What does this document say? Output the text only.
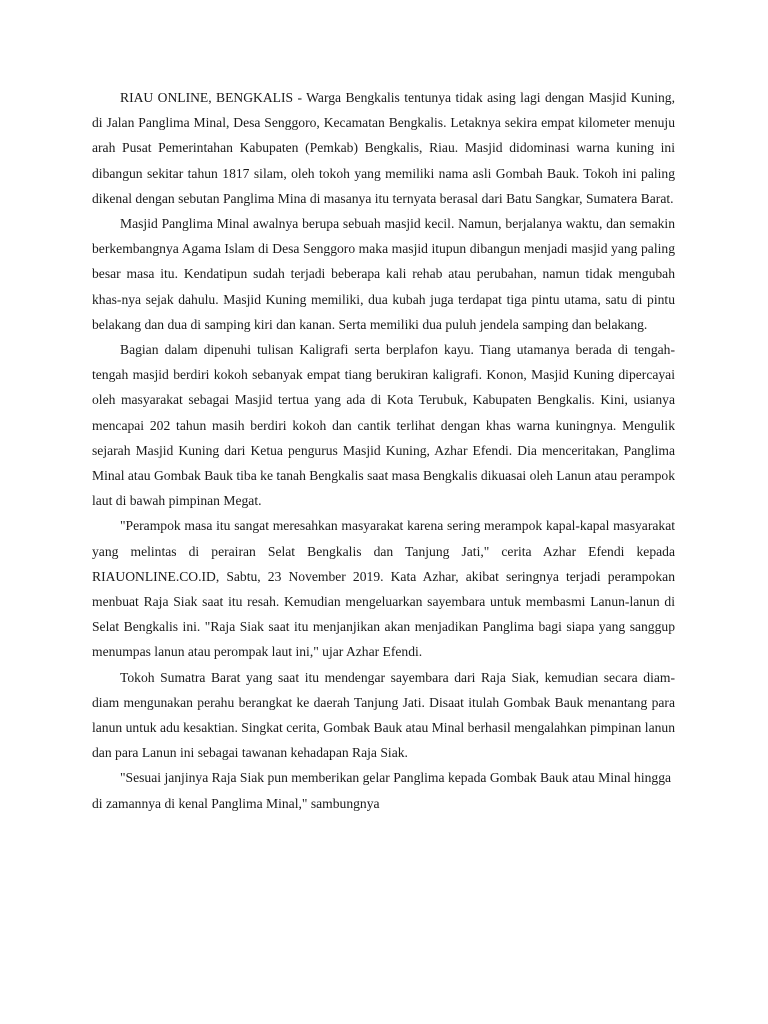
RIAU ONLINE, BENGKALIS - Warga Bengkalis tentunya tidak asing lagi dengan Masjid Kuning, di Jalan Panglima Minal, Desa Senggoro, Kecamatan Bengkalis. Letaknya sekira empat kilometer menuju arah Pusat Pemerintahan Kabupaten (Pemkab) Bengkalis, Riau. Masjid didominasi warna kuning ini dibangun sekitar tahun 1817 silam, oleh tokoh yang memiliki nama asli Gombah Bauk. Tokoh ini paling dikenal dengan sebutan Panglima Mina di masanya itu ternyata berasal dari Batu Sangkar, Sumatera Barat.

Masjid Panglima Minal awalnya berupa sebuah masjid kecil. Namun, berjalanya waktu, dan semakin berkembangnya Agama Islam di Desa Senggoro maka masjid itupun dibangun menjadi masjid yang paling besar masa itu. Kendatipun sudah terjadi beberapa kali rehab atau perubahan, namun tidak mengubah khas-nya sejak dahulu. Masjid Kuning memiliki, dua kubah juga terdapat tiga pintu utama, satu di pintu belakang dan dua di samping kiri dan kanan. Serta memiliki dua puluh jendela samping dan belakang.

Bagian dalam dipenuhi tulisan Kaligrafi serta berplafon kayu. Tiang utamanya berada di tengah-tengah masjid berdiri kokoh sebanyak empat tiang berukiran kaligrafi. Konon, Masjid Kuning dipercayai oleh masyarakat sebagai Masjid tertua yang ada di Kota Terubuk, Kabupaten Bengkalis. Kini, usianya mencapai 202 tahun masih berdiri kokoh dan cantik terlihat dengan khas warna kuningnya. Mengulik sejarah Masjid Kuning dari Ketua pengurus Masjid Kuning, Azhar Efendi. Dia menceritakan, Panglima Minal atau Gombak Bauk tiba ke tanah Bengkalis saat masa Bengkalis dikuasai oleh Lanun atau perampok laut di bawah pimpinan Megat.

"Perampok masa itu sangat meresahkan masyarakat karena sering merampok kapal-kapal masyarakat yang melintas di perairan Selat Bengkalis dan Tanjung Jati," cerita Azhar Efendi kepada RIAUONLINE.CO.ID, Sabtu, 23 November 2019. Kata Azhar, akibat seringnya terjadi perampokan menbuat Raja Siak saat itu resah. Kemudian mengeluarkan sayembara untuk membasmi Lanun-lanun di Selat Bengkalis ini. "Raja Siak saat itu menjanjikan akan menjadikan Panglima bagi siapa yang sanggup menumpas lanun atau perompak laut ini," ujar Azhar Efendi.

Tokoh Sumatra Barat yang saat itu mendengar sayembara dari Raja Siak, kemudian secara diam- diam mengunakan perahu berangkat ke daerah Tanjung Jati. Disaat itulah Gombak Bauk menantang para lanun untuk adu kesaktian. Singkat cerita, Gombak Bauk atau Minal berhasil mengalahkan pimpinan lanun dan para Lanun ini sebagai tawanan kehadapan Raja Siak.

"Sesuai janjinya Raja Siak pun memberikan gelar Panglima kepada Gombak Bauk atau Minal hingga di zamannya di kenal Panglima Minal," sambungnya
